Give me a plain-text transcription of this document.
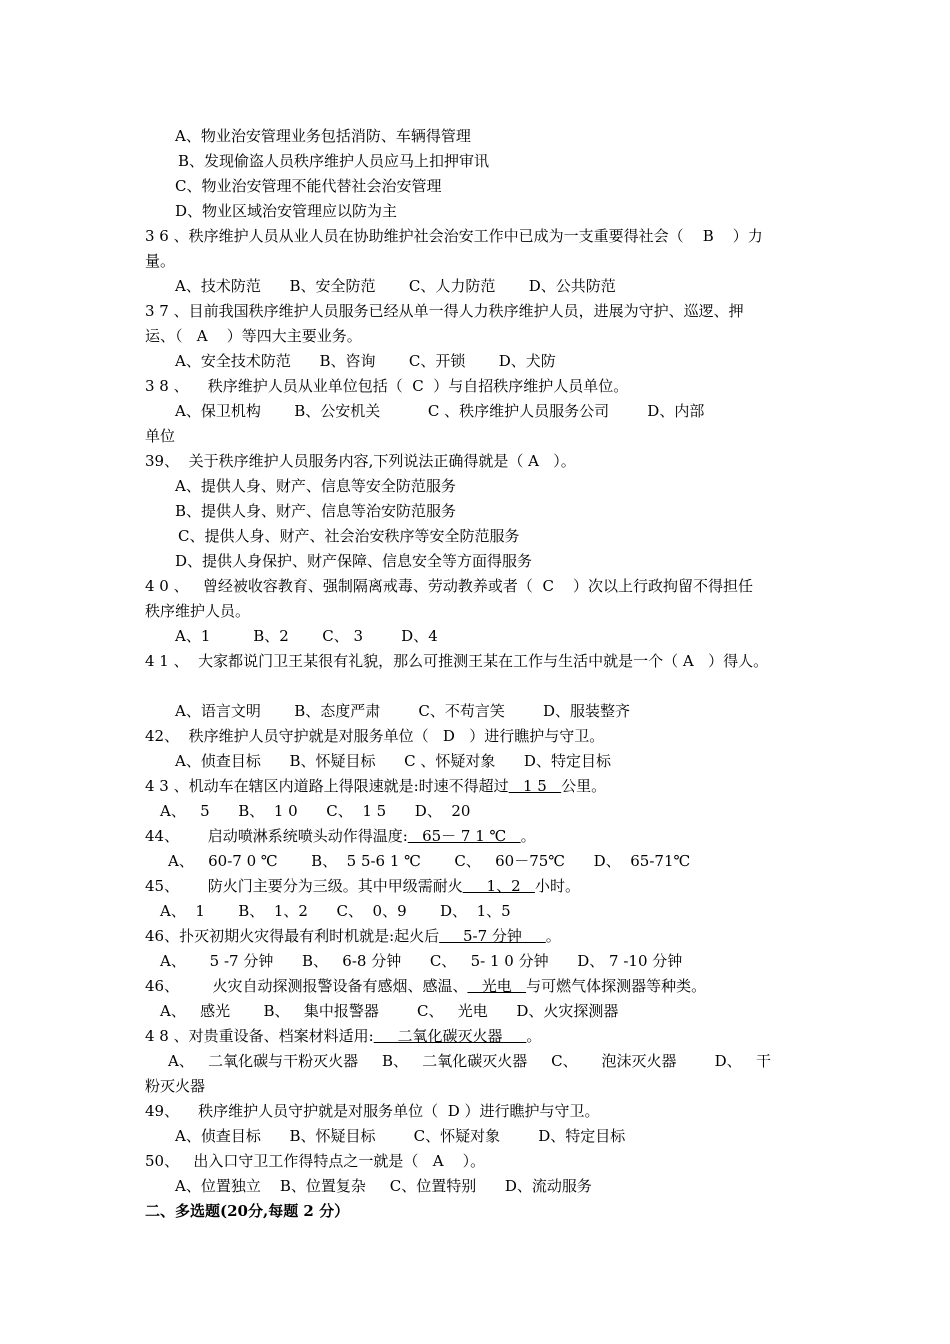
A、物业治安管理业务包括消防、车辆得管理
B、发现偷盗人员秩序维护人员应马上扣押审讯
C、物业治安管理不能代替社会治安管理
D、物业区域治安管理应以防为主
3 6 、秩序维护人员从业人员在协助维护社会治安工作中已成为一支重要得社会（    B    ）力
量。
A、技术防范      B、安全防范       C、人力防范       D、公共防范
3 7 、目前我国秩序维护人员服务已经从单一得人力秩序维护人员，进展为守护、巡逻、押
运、（   A    ）等四大主要业务。
A、安全技术防范      B、咨询       C、开锁       D、犬防
3 8 、    秩序维护人员从业单位包括（  C  ）与自招秩序维护人员单位。
A、保卫机构       B、公安机关          C 、秩序维护人员服务公司        D、内部
单位
39、  关于秩序维护人员服务内容,下列说法正确得就是（ A   ）。
A、提供人身、财产、信息等安全防范服务
B、提供人身、财产、信息等治安防范服务
C、提供人身、财产、社会治安秩序等安全防范服务
D、提供人身保护、财产保障、信息安全等方面得服务
4 0 、   曾经被收容教育、强制隔离戒毒、劳动教养或者（  C    ）次以上行政拘留不得担任
秩序维护人员。
A、1         B、2       C、 3        D、4
4 1 、  大家都说门卫王某很有礼貌，那么可推测王某在工作与生活中就是一个（ A   ）得人。
A、语言文明       B、态度严肃        C、不苟言笑        D、服装整齐
42、  秩序维护人员守护就是对服务单位（   D   ）进行瞧护与守卫。
A、侦查目标      B、怀疑目标      C 、怀疑对象      D、特定目标
4 3 、机动车在辖区内道路上得限速就是:时速不得超过   1 5   公里。
A、   5      B、  1 0      C、  1 5      D、  20
44、      启动喷淋系统喷头动作得温度:   65－ 7 1 ℃   。
A、   60-7 0 ℃       B、  5 5-6 1 ℃       C、   60－75℃      D、  65-71℃
45、      防火门主要分为三级。其中甲级需耐火     1、2   小时。
A、  1       B、  1、2      C、  0、9       D、  1、5
46、扑灭初期火灾得最有利时机就是:起火后     5-7 分钟     。
A、     5 -7 分钟      B、   6-8 分钟      C、   5- 1 0 分钟      D、 7 -10 分钟
46、       火灾自动探测报警设备有感烟、感温、   光电   与可燃气体探测器等种类。
A、   感光       B、   集中报警器        C、   光电      D、火灾探测器
4 8 、对贵重设备、档案材料适用:     二氧化碳灭火器     。
A、   二氧化碳与干粉灭火器     B、   二氧化碳灭火器     C、     泡沫灭火器        D、   干
粉灭火器
49、    秩序维护人员守护就是对服务单位（  D ）进行瞧护与守卫。
A、侦查目标      B、怀疑目标        C、怀疑对象        D、特定目标
50、   出入口守卫工作得特点之一就是（   A    ）。
A、位置独立    B、位置复杂     C、位置特别      D、流动服务
二、多选题(20分,每题 2 分）
